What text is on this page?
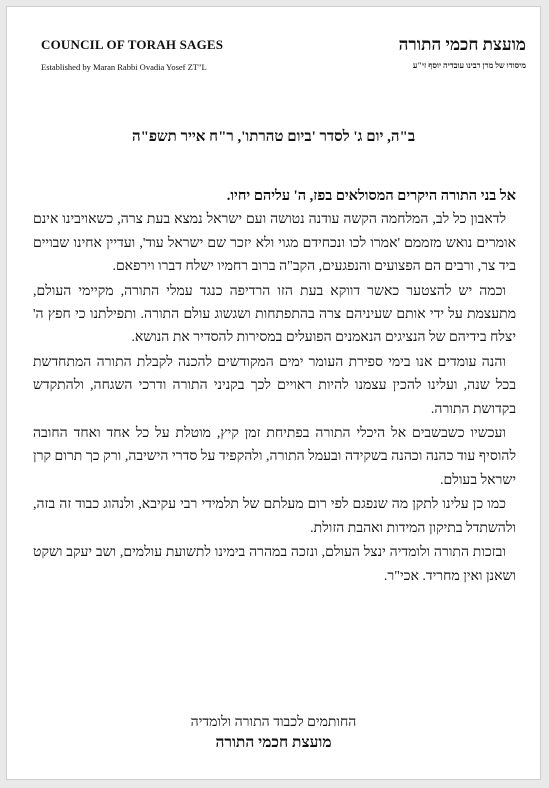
COUNCIL OF TORAH SAGES
Established by Maran Rabbi Ovadia Yosef ZT"L
מועצת חכמי התורה
מיסודו של מרן רבינו עובדיה יוסף זי"ע
ב"ה, יום ג' לסדר 'ביום טהרתו', ר"ח אייר תשפ"ה

אל בני התורה היקרים המסולאים בפז, ה' עליהם יחיו.

לדאבון כל לב, המלחמה הקשה עודנה נטושה ועם ישראל נמצא בעת צרה, כשאויבינו אינם אומרים נואש מזממם 'אמרו לכו ונכחידם מגוי ולא יזכר שם ישראל עוד', ועדיין אחינו שבויים ביד צר, ורבים הם הפצועים והנפגעים, הקב"ה ברוב רחמיו ישלח דברו וירפאם.

וכמה יש להצטער כאשר דווקא בעת הזו הרדיפה כנגד עמלי התורה, מקיימי העולם, מתעצמת על ידי אותם שעיניהם צרה בהתפתחות ושגשוג עולם התורה. ותפילתנו כי חפץ ה' יצלח בידיהם של הנציגים הנאמנים הפועלים במסירות להסדיר את הנושא.

והנה עומדים אנו בימי ספירת העומר ימים המקודשים להכנה לקבלת התורה המתחדשת בכל שנה, ועלינו להכין עצמנו להיות ראויים לכך בקניני התורה ודרכי השגחה, ולהתקדש בקדושת התורה.

ועכשיו כשבשבים אל היכלי התורה בפתיחת זמן קיץ, מוטלת על כל אחד ואחד החובה להוסיף עוד כהנה וכהנה בשקידה ובעמל התורה, ולהקפיד על סדרי הישיבה, ורק כך תרום קרן ישראל בעולם.

כמו כן עלינו לתקן מה שנפגם לפי רום מעלתם של תלמידי רבי עקיבא, ולנהוג כבוד זה בזה, ולהשתדל בתיקון המידות ואהבת הזולת.

ובזכות התורה ולומדיה ינצל העולם, ונזכה במהרה בימינו לתשועת עולמים, ושב יעקב ושקט ושאנן ואין מחריד. אכי"ר.

החותמים לכבוד התורה ולומדיה
מועצת חכמי התורה
